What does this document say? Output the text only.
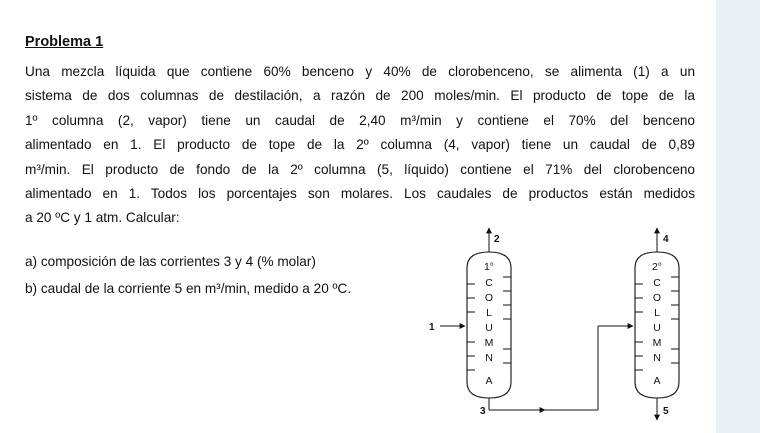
Problema 1

Una mezcla líquida que contiene 60% benceno y 40% de clorobenceno, se alimenta (1) a un
sistema de dos columnas de destilación, a razón de 200 moles/min. El producto de tope de la
1º columna (2, vapor) tiene un caudal de 2,40 m³/min y contiene el 70% del benceno
alimentado en 1. El producto de tope de la 2º columna (4, vapor) tiene un caudal de 0,89
m³/min. El producto de fondo de la 2º columna (5, líquido) contiene el 71% del clorobenceno
alimentado en 1. Todos los porcentajes son molares. Los caudales de productos están medidos
a 20 ºC y 1 atm. Calcular:

a) composición de las corrientes 3 y 4 (% molar)

b) caudal de la corriente 5 en m³/min, medido a 20 ºC.

1°
C
O
L
U
M
N
A
2°
C
O
L
U
M
N
A
1
2
3
4
5
